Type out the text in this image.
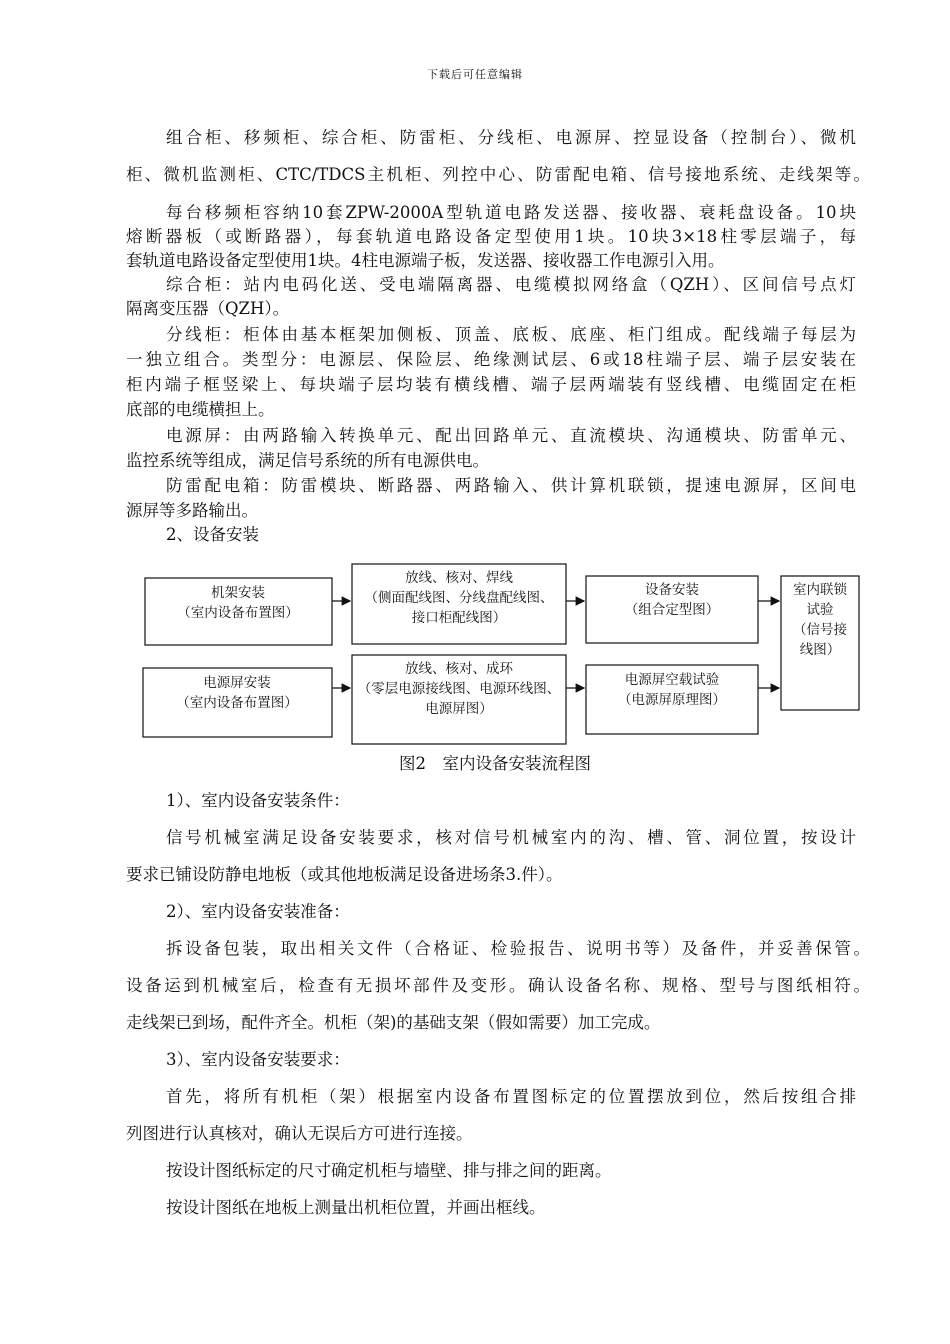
下载后可任意编辑
组合柜、移频柜、综合柜、防雷柜、分线柜、电源屏、控显设备（控制台）、微机
柜、微机监测柜、CTC/TDCS主机柜、列控中心、防雷配电箱、信号接地系统、走线架等。
每台移频柜容纳10套ZPW-2000A型轨道电路发送器、接收器、衰耗盘设备。10块
熔断器板（或断路器），每套轨道电路设备定型使用1块。10块3×18柱零层端子，每
套轨道电路设备定型使用1块。4柱电源端子板，发送器、接收器工作电源引入用。
综合柜：站内电码化送、受电端隔离器、电缆模拟网络盒（QZH）、区间信号点灯
隔离变压器（QZH）。
分线柜：柜体由基本框架加侧板、顶盖、底板、底座、柜门组成。配线端子每层为
一独立组合。类型分：电源层、保险层、绝缘测试层、6或18柱端子层、端子层安装在
柜内端子框竖梁上、每块端子层均装有横线槽、端子层两端装有竖线槽、电缆固定在柜
底部的电缆横担上。
电源屏：由两路输入转换单元、配出回路单元、直流模块、沟通模块、防雷单元、
监控系统等组成，满足信号系统的所有电源供电。
防雷配电箱：防雷模块、断路器、两路输入、供计算机联锁，提速电源屏，区间电
源屏等多路输出。
2、设备安装
机架安装
（室内设备布置图）
放线、核对、焊线
（侧面配线图、分线盘配线图、
接口柜配线图）
设备安装
（组合定型图）
室内联锁
试验
（信号接
线图）
电源屏安装
（室内设备布置图）
放线、核对、成环
（零层电源接线图、电源环线图、
电源屏图）
电源屏空载试验
（电源屏原理图）
图2　室内设备安装流程图
1）、室内设备安装条件：
信号机械室满足设备安装要求，核对信号机械室内的沟、槽、管、洞位置，按设计
要求已铺设防静电地板（或其他地板满足设备进场条3.件）。
2）、室内设备安装准备：
拆设备包装，取出相关文件（合格证、检验报告、说明书等）及备件，并妥善保管。
设备运到机械室后，检查有无损坏部件及变形。确认设备名称、规格、型号与图纸相符。
走线架已到场，配件齐全。机柜（架)的基础支架（假如需要）加工完成。
3）、室内设备安装要求：
首先，将所有机柜（架）根据室内设备布置图标定的位置摆放到位，然后按组合排
列图进行认真核对，确认无误后方可进行连接。
按设计图纸标定的尺寸确定机柜与墙壁、排与排之间的距离。
按设计图纸在地板上测量出机柜位置，并画出框线。
